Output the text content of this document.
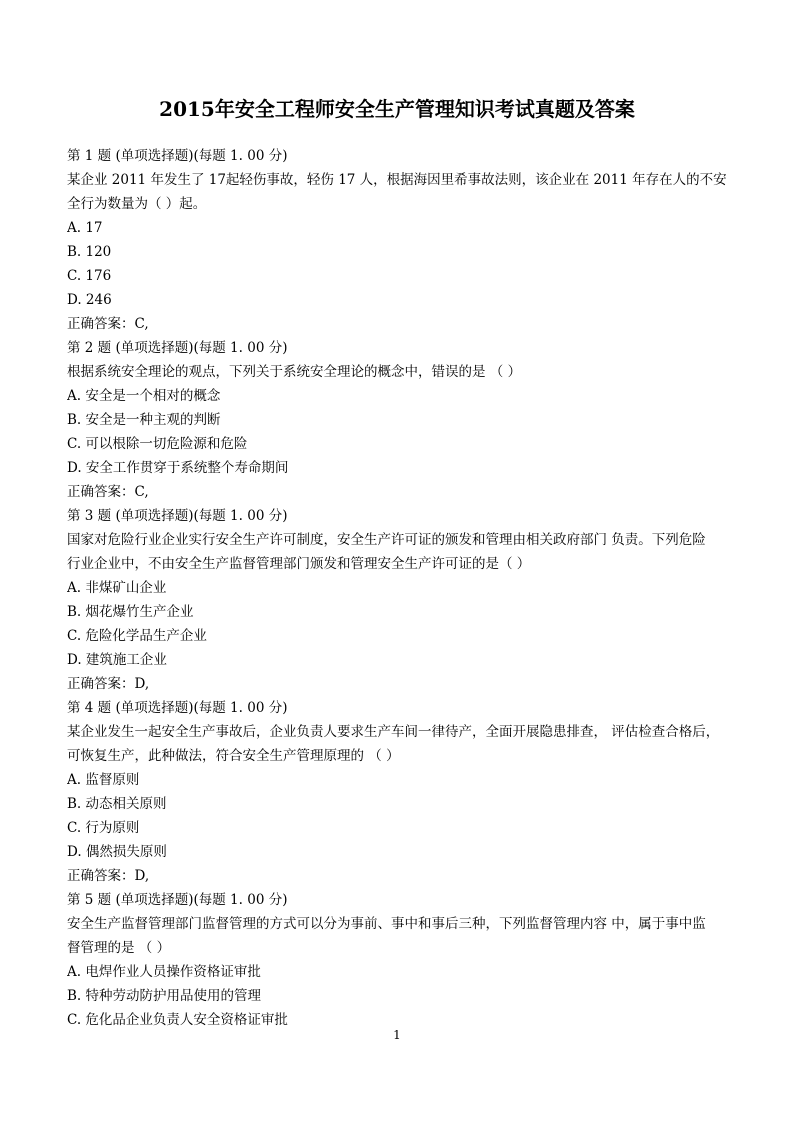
2015年安全工程师安全生产管理知识考试真题及答案
第 1 题 (单项选择题)(每题 1. 00 分)
某企业 2011 年发生了 17起轻伤事故，轻伤 17 人，根据海因里希事故法则，该企业在 2011 年存在人的不安
全行为数量为（ ）起。
A. 17
B. 120
C. 176
D. 246
正确答案：C,
第 2 题 (单项选择题)(每题 1. 00 分)
根据系统安全理论的观点，下列关于系统安全理论的概念中，错误的是 （ ）
A. 安全是一个相对的概念
B. 安全是一种主观的判断
C. 可以根除一切危险源和危险
D. 安全工作贯穿于系统整个寿命期间
正确答案：C,
第 3 题 (单项选择题)(每题 1. 00 分)
国家对危险行业企业实行安全生产许可制度，安全生产许可证的颁发和管理由相关政府部门 负责。下列危险
行业企业中，不由安全生产监督管理部门颁发和管理安全生产许可证的是（ ）
A. 非煤矿山企业
B. 烟花爆竹生产企业
C. 危险化学品生产企业
D. 建筑施工企业
正确答案：D,
第 4 题 (单项选择题)(每题 1. 00 分)
某企业发生一起安全生产事故后，企业负责人要求生产车间一律待产，全面开展隐患排查， 评估检查合格后，
可恢复生产，此种做法，符合安全生产管理原理的 （ ）
A. 监督原则
B. 动态相关原则
C. 行为原则
D. 偶然损失原则
正确答案：D,
第 5 题 (单项选择题)(每题 1. 00 分)
安全生产监督管理部门监督管理的方式可以分为事前、事中和事后三种，下列监督管理内容 中，属于事中监
督管理的是 （ ）
A. 电焊作业人员操作资格证审批
B. 特种劳动防护用品使用的管理
C. 危化品企业负责人安全资格证审批
1
